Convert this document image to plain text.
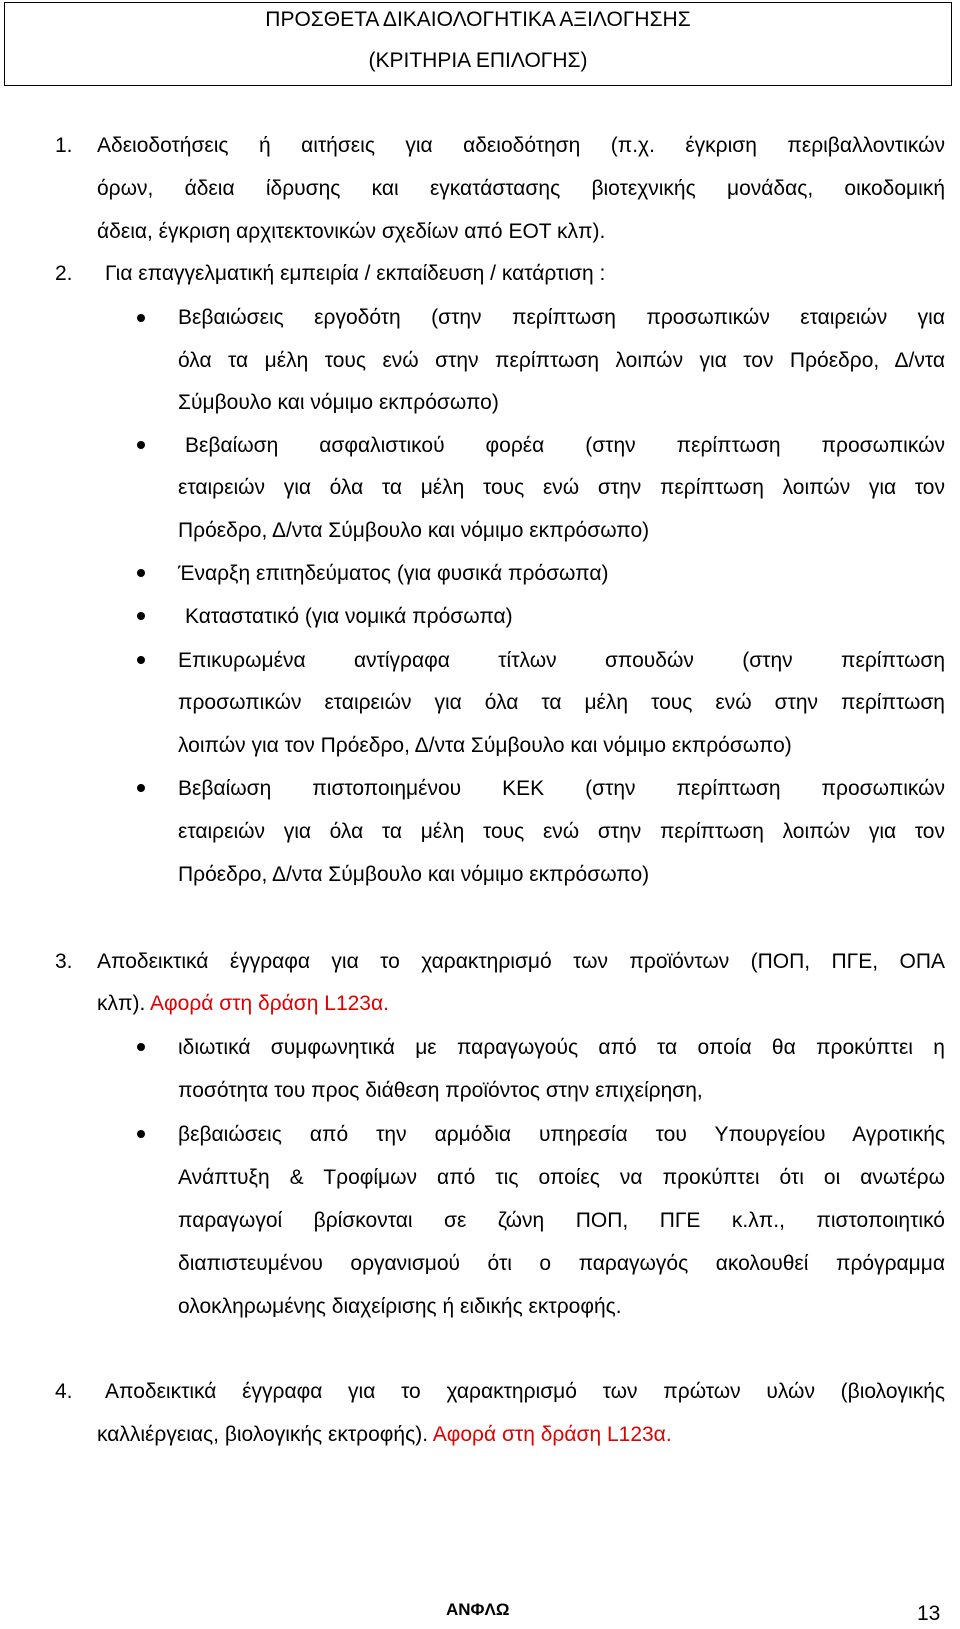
ΠΡΟΣΘΕΤΑ ΔΙΚΑΙΟΛΟΓΗΤΙΚΑ ΑΞΙΛΟΓΗΣΗΣ
(ΚΡΙΤΗΡΙΑ ΕΠΙΛΟΓΗΣ)
1. Αδειοδοτήσεις ή αιτήσεις για αδειοδότηση (π.χ. έγκριση περιβαλλοντικών
όρων, άδεια ίδρυσης και εγκατάστασης βιοτεχνικής μονάδας, οικοδομική
άδεια, έγκριση αρχιτεκτονικών σχεδίων από ΕΟΤ κλπ).
2. Για επαγγελματική εμπειρία / εκπαίδευση / κατάρτιση :
Βεβαιώσεις εργοδότη (στην περίπτωση προσωπικών εταιρειών για
όλα τα μέλη τους ενώ στην περίπτωση λοιπών για τον Πρόεδρο, Δ/ντα
Σύμβουλο και νόμιμο εκπρόσωπο)
Βεβαίωση ασφαλιστικού φορέα (στην περίπτωση προσωπικών
εταιρειών για όλα τα μέλη τους ενώ στην περίπτωση λοιπών για τον
Πρόεδρο, Δ/ντα Σύμβουλο και νόμιμο εκπρόσωπο)
Έναρξη επιτηδεύματος (για φυσικά πρόσωπα)
Καταστατικό (για νομικά πρόσωπα)
Επικυρωμένα αντίγραφα τίτλων σπουδών (στην περίπτωση
προσωπικών εταιρειών για όλα τα μέλη τους ενώ στην περίπτωση
λοιπών για τον Πρόεδρο, Δ/ντα Σύμβουλο και νόμιμο εκπρόσωπο)
Βεβαίωση πιστοποιημένου ΚΕΚ (στην περίπτωση προσωπικών
εταιρειών για όλα τα μέλη τους ενώ στην περίπτωση λοιπών για τον
Πρόεδρο, Δ/ντα Σύμβουλο και νόμιμο εκπρόσωπο)
3. Αποδεικτικά έγγραφα για το χαρακτηρισμό των προϊόντων (ΠΟΠ, ΠΓΕ, ΟΠΑ
κλπ). Αφορά στη δράση L123α.
ιδιωτικά συμφωνητικά με παραγωγούς από τα οποία θα προκύπτει η
ποσότητα του προς διάθεση προϊόντος στην επιχείρηση,
βεβαιώσεις από την αρμόδια υπηρεσία του Υπουργείου Αγροτικής
Ανάπτυξη & Τροφίμων από τις οποίες να προκύπτει ότι οι ανωτέρω
παραγωγοί βρίσκονται σε ζώνη ΠΟΠ, ΠΓΕ κ.λπ., πιστοποιητικό
διαπιστευμένου οργανισμού ότι ο παραγωγός ακολουθεί πρόγραμμα
ολοκληρωμένης διαχείρισης ή ειδικής εκτροφής.
4. Αποδεικτικά έγγραφα για το χαρακτηρισμό των πρώτων υλών (βιολογικής
καλλιέργειας, βιολογικής εκτροφής). Αφορά στη δράση L123α.
ΑΝΦΛΩ	13
